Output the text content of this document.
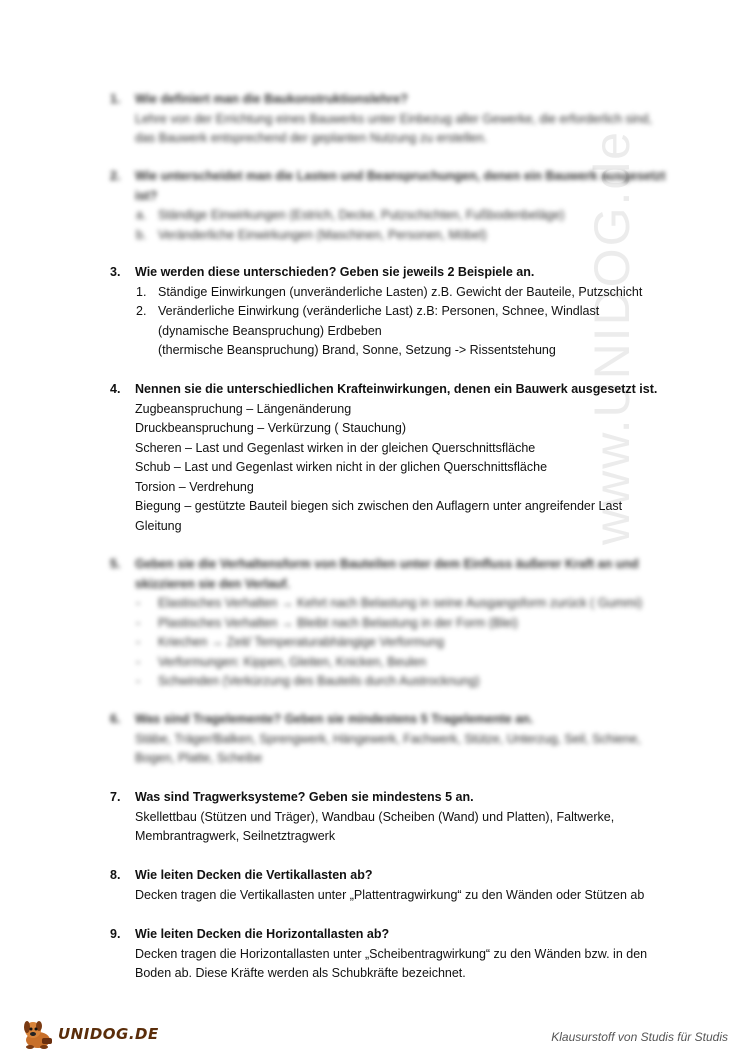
www.UNIDOG.de
1. Wie definiert man die Baukonstruktionslehre?
Lehre von der Errichtung eines Bauwerks unter Einbezug aller Gewerke, die erforderlich sind,
das Bauwerk entsprechend der geplanten Nutzung zu erstellen.
2. Wie unterscheidet man die Lasten und Beanspruchungen, denen ein Bauwerk ausgesetzt
ist?
a. Ständige Einwirkungen (Estrich, Decke, Putzschichten, Fußbodenbeläge)
b. Veränderliche Einwirkungen (Maschinen, Personen, Möbel)
3. Wie werden diese unterschieden? Geben sie jeweils 2 Beispiele an.
1. Ständige Einwirkungen (unveränderliche Lasten) z.B. Gewicht der Bauteile, Putzschicht
2. Veränderliche Einwirkung (veränderliche Last) z.B: Personen, Schnee, Windlast
(dynamische Beanspruchung) Erdbeben
(thermische Beanspruchung) Brand, Sonne, Setzung -> Rissentstehung
4. Nennen sie die unterschiedlichen Krafteinwirkungen, denen ein Bauwerk ausgesetzt ist.
Zugbeanspruchung – Längenänderung
Druckbeanspruchung – Verkürzung ( Stauchung)
Scheren – Last und Gegenlast wirken in der gleichen Querschnittsfläche
Schub – Last und Gegenlast wirken nicht in der glichen Querschnittsfläche
Torsion – Verdrehung
Biegung – gestützte Bauteil biegen sich zwischen den Auflagern unter angreifender Last
Gleitung
5. Geben sie die Verhaltensform von Bauteilen unter dem Einfluss äußerer Kraft an und
skizzieren sie den Verlauf.
- Elastisches Verhalten → Kehrt nach Belastung in seine Ausgangsform zurück ( Gummi)
- Plastisches Verhalten → Bleibt nach Belastung in der Form (Blei)
- Kriechen → Zeit/ Temperaturabhängige Verformung
- Verformungen: Kippen, Gleiten, Knicken, Beulen
- Schwinden (Verkürzung des Bauteils durch Austrocknung)
6. Was sind Tragelemente? Geben sie mindestens 5 Tragelemente an.
Stäbe, Träger/Balken, Sprengwerk, Hängewerk, Fachwerk, Stütze, Unterzug, Seil, Schiene,
Bogen, Platte, Scheibe
7. Was sind Tragwerksysteme? Geben sie mindestens 5 an.
Skellettbau (Stützen und Träger), Wandbau (Scheiben (Wand) und Platten), Faltwerke,
Membrantragwerk, Seilnetztragwerk
8. Wie leiten Decken die Vertikallasten ab?
Decken tragen die Vertikallasten unter „Plattentragwirkung“ zu den Wänden oder Stützen ab
9. Wie leiten Decken die Horizontallasten ab?
Decken tragen die Horizontallasten unter „Scheibentragwirkung“ zu den Wänden bzw. in den
Boden ab. Diese Kräfte werden als Schubkräfte bezeichnet.
UNIDOG.DE	Klausurstoff von Studis für Studis
